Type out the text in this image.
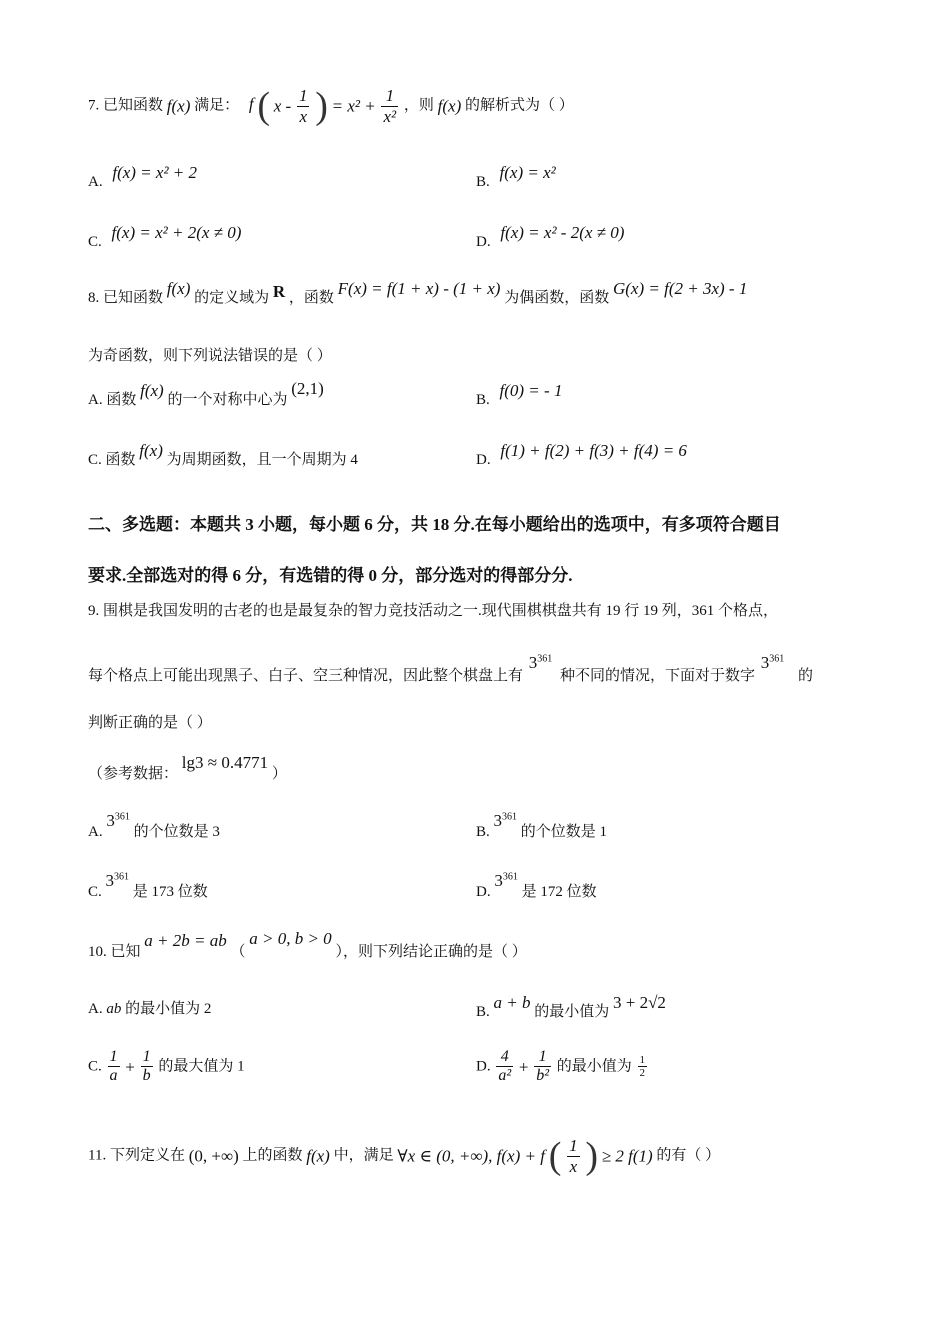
7. 已知函数 f(x) 满足： f ( x - $\frac{1}{x}$ ) = $x^2 + \frac{1}{\text{x²}}$ ，则 f(x) 的解析式为（ ）
A. f(x) = x² + 2	B. f(x) = x²
C. f(x) = x² + 2(x ≠ 0)	D. f(x) = x² - 2(x ≠ 0)
8. 已知函数 f(x) 的定义域为 R ，函数 F(x) = f(1 + x) - (1 + x) 为偶函数，函数 G(x) = f(2 + 3x) - 1
为奇函数，则下列说法错误的是（ ）
A. 函数 f(x) 的一个对称中心为 (2,1)
B. f(0) = - 1
C. 函数 f(x) 为周期函数，且一个周期为 4	D. f(1) + f(2) + f(3) + f(4) = 6
二、多选题：本题共 3 小题，每小题 6 分，共 18 分.在每小题给出的选项中，有多项符合题目
要求.全部选对的得 6 分，有选错的得 0 分，部分选对的得部分分.
9. 围棋是我国发明的古老的也是最复杂的智力竞技活动之一.现代围棋棋盘共有 19 行 19 列，361 个格点，
每个格点上可能出现黑子、白子、空三种情况，因此整个棋盘上有 $3^{361}$ 种不同的情况，下面对于数字 $3^{361}$ 的
判断正确的是（ ）
（参考数据： lg3 ≈ 0.4771 ）
A. $3^{361}$ 的个位数是 3	B. $3^{361}$ 的个位数是 1
C. $3^{361}$ 是 173 位数	D. $3^{361}$ 是 172 位数
10. 已知 a + 2b = ab （ a > 0, b > 0 ），则下列结论正确的是（ ）
A. ab 的最小值为 2	B. a + b 的最小值为 3 + 2√2
C. $\frac{1}{a} + \frac{1}{b}$ 的最大值为 1	D. $\frac{4}{\text{a²}} + \frac{1}{\text{b²}}$ 的最小值为 $\frac{1}{2}$
11. 下列定义在 (0, +∞) 上的函数 f(x) 中，满足 ∀x ∈ (0, +∞), f(x) + f ( $\frac{1}{x}$ ) ≥ 2 f(1) 的有（ ）
